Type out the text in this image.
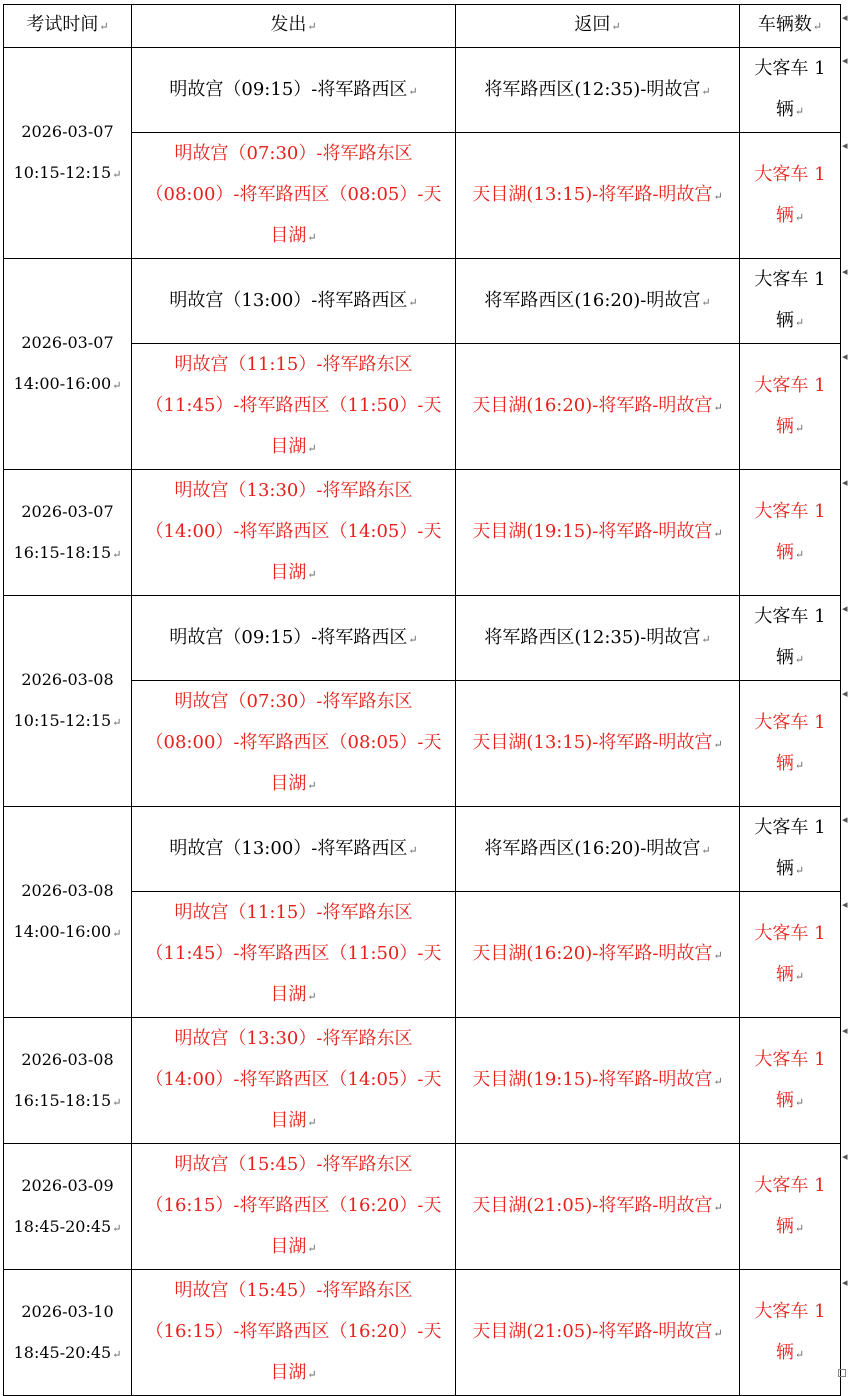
考试时间↵	发出↵	返回↵	车辆数↵

2026-03-07
10:15-12:15↵	明故宫（09:15）-将军路西区↵	将军路西区(12:35)-明故宫↵	大客车 1 辆↵
	明故宫（07:30）-将军路东区（08:00）-将军路西区（08:05）-天目湖↵	天目湖(13:15)-将军路-明故宫↵	大客车 1 辆↵

2026-03-07
14:00-16:00↵	明故宫（13:00）-将军路西区↵	将军路西区(16:20)-明故宫↵	大客车 1 辆↵
	明故宫（11:15）-将军路东区（11:45）-将军路西区（11:50）-天目湖↵	天目湖(16:20)-将军路-明故宫↵	大客车 1 辆↵

2026-03-07
16:15-18:15↵	明故宫（13:30）-将军路东区（14:00）-将军路西区（14:05）-天目湖↵	天目湖(19:15)-将军路-明故宫↵	大客车 1 辆↵

2026-03-08
10:15-12:15↵	明故宫（09:15）-将军路西区↵	将军路西区(12:35)-明故宫↵	大客车 1 辆↵
	明故宫（07:30）-将军路东区（08:00）-将军路西区（08:05）-天目湖↵	天目湖(13:15)-将军路-明故宫↵	大客车 1 辆↵

2026-03-08
14:00-16:00↵	明故宫（13:00）-将军路西区↵	将军路西区(16:20)-明故宫↵	大客车 1 辆↵
	明故宫（11:15）-将军路东区（11:45）-将军路西区（11:50）-天目湖↵	天目湖(16:20)-将军路-明故宫↵	大客车 1 辆↵

2026-03-08
16:15-18:15↵	明故宫（13:30）-将军路东区（14:00）-将军路西区（14:05）-天目湖↵	天目湖(19:15)-将军路-明故宫↵	大客车 1 辆↵

2026-03-09
18:45-20:45↵	明故宫（15:45）-将军路东区（16:15）-将军路西区（16:20）-天目湖↵	天目湖(21:05)-将军路-明故宫↵	大客车 1 辆↵

2026-03-10
18:45-20:45↵	明故宫（15:45）-将军路东区（16:15）-将军路西区（16:20）-天目湖↵	天目湖(21:05)-将军路-明故宫↵	大客车 1 辆↵
◂
◂
◂
◂
◂
◂
◂
◂
◂
◂
◂
◂
◂
